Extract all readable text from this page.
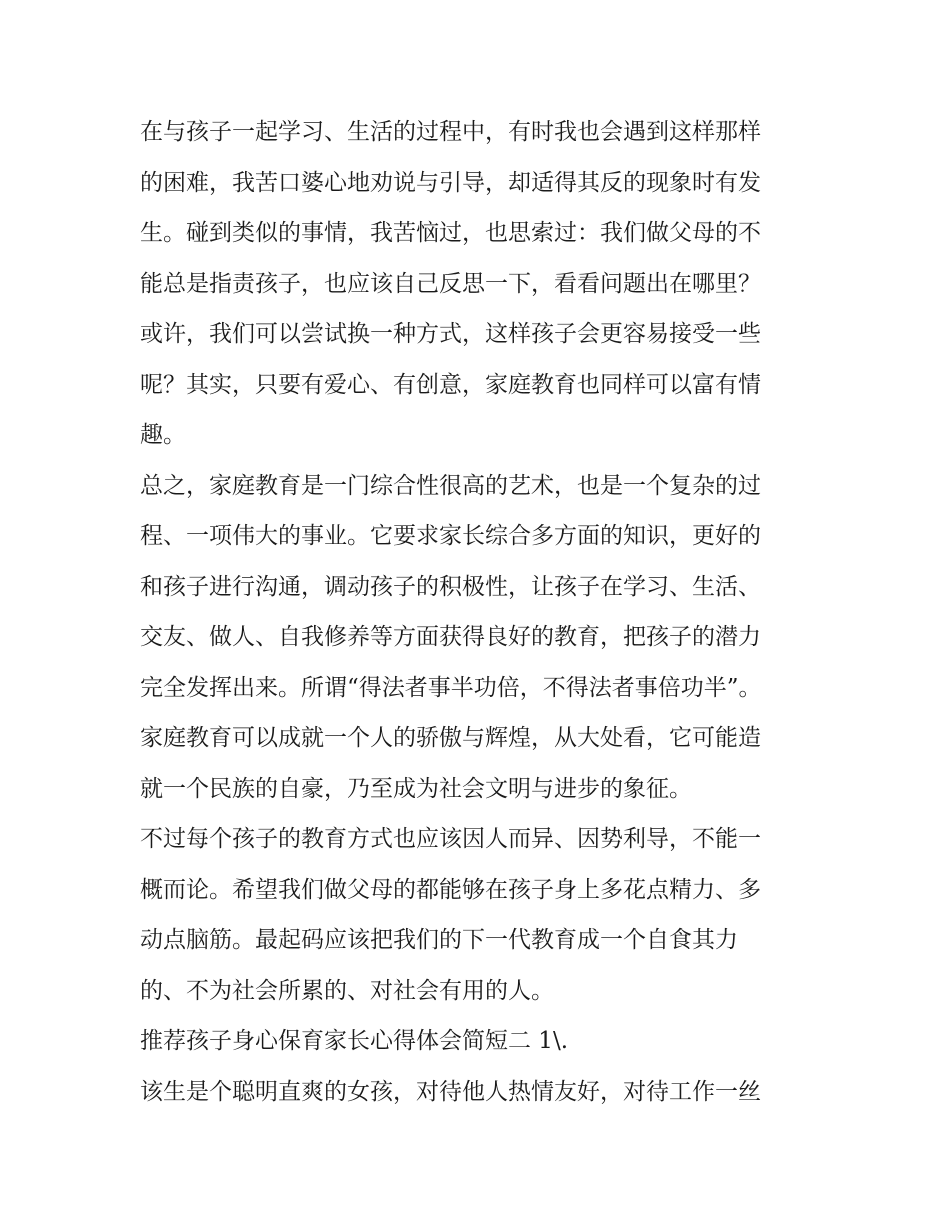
在与孩子一起学习、生活的过程中，有时我也会遇到这样那样
的困难，我苦口婆心地劝说与引导，却适得其反的现象时有发
生。碰到类似的事情，我苦恼过，也思索过：我们做父母的不
能总是指责孩子，也应该自己反思一下，看看问题出在哪里？
或许，我们可以尝试换一种方式，这样孩子会更容易接受一些
呢？其实，只要有爱心、有创意，家庭教育也同样可以富有情
趣。
总之，家庭教育是一门综合性很高的艺术，也是一个复杂的过
程、一项伟大的事业。它要求家长综合多方面的知识，更好的
和孩子进行沟通，调动孩子的积极性，让孩子在学习、生活、
交友、做人、自我修养等方面获得良好的教育，把孩子的潜力
完全发挥出来。所谓“得法者事半功倍，不得法者事倍功半”。
家庭教育可以成就一个人的骄傲与辉煌，从大处看，它可能造
就一个民族的自豪，乃至成为社会文明与进步的象征。
不过每个孩子的教育方式也应该因人而异、因势利导，不能一
概而论。希望我们做父母的都能够在孩子身上多花点精力、多
动点脑筋。最起码应该把我们的下一代教育成一个自食其力
的、不为社会所累的、对社会有用的人。
推荐孩子身心保育家长心得体会简短二 1\.
该生是个聪明直爽的女孩，对待他人热情友好，对待工作一丝
